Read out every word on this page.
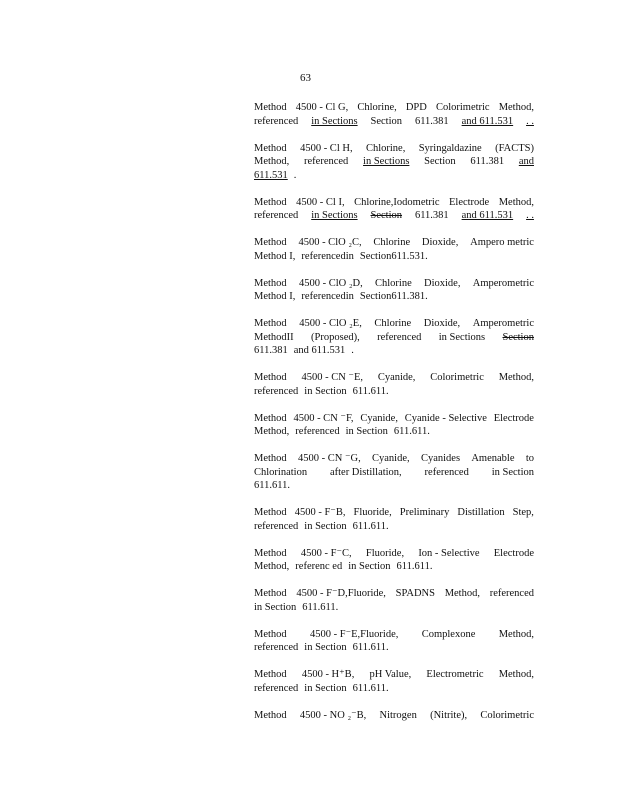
63
Method 4500 - Cl G, Chlorine, DPD Colorimetric Method,
referenced in Sections Section 611.381 and 611.531 . .
Method 4500 - Cl H, Chlorine, Syringaldazine (FACTS)
Method, referenced in Sections Section 611.381 and
611.531 .
Method 4500 - Cl I, Chlorine,Iodometric Electrode Method,
referenced in Sections Section 611.381 and 611.531 . .
Method 4500 - ClO ₂C, Chlorine Dioxide, Ampero metric
Method I, referencedin Section611.531.
Method 4500 - ClO ₂D, Chlorine Dioxide, Amperometric
Method I, referencedin Section611.381.
Method 4500 - ClO ₂E, Chlorine Dioxide, Amperometric
MethodII (Proposed), referenced in Sections Section
611.381 and 611.531 .
Method 4500 - CN ⁻E, Cyanide, Colorimetric Method,
referenced in Section 611.611.
Method 4500 - CN ⁻F, Cyanide, Cyanide - Selective Electrode
Method, referenced in Section 611.611.
Method 4500 - CN ⁻G, Cyanide, Cyanides Amenable to
Chlorination after Distillation, referenced in Section
611.611.
Method 4500 - F⁻B, Fluoride, Preliminary Distillation Step,
referenced in Section 611.611.
Method 4500 - F⁻C, Fluoride, Ion - Selective Electrode
Method, referenc ed in Section 611.611.
Method 4500 - F⁻D,Fluoride, SPADNS Method, referenced
in Section 611.611.
Method 4500 - F⁻E,Fluoride, Complexone Method,
referenced in Section 611.611.
Method 4500 - H⁺B, pH Value, Electrometric Method,
referenced in Section 611.611.
Method 4500 - NO ₂⁻B, Nitrogen (Nitrite), Colorimetric
